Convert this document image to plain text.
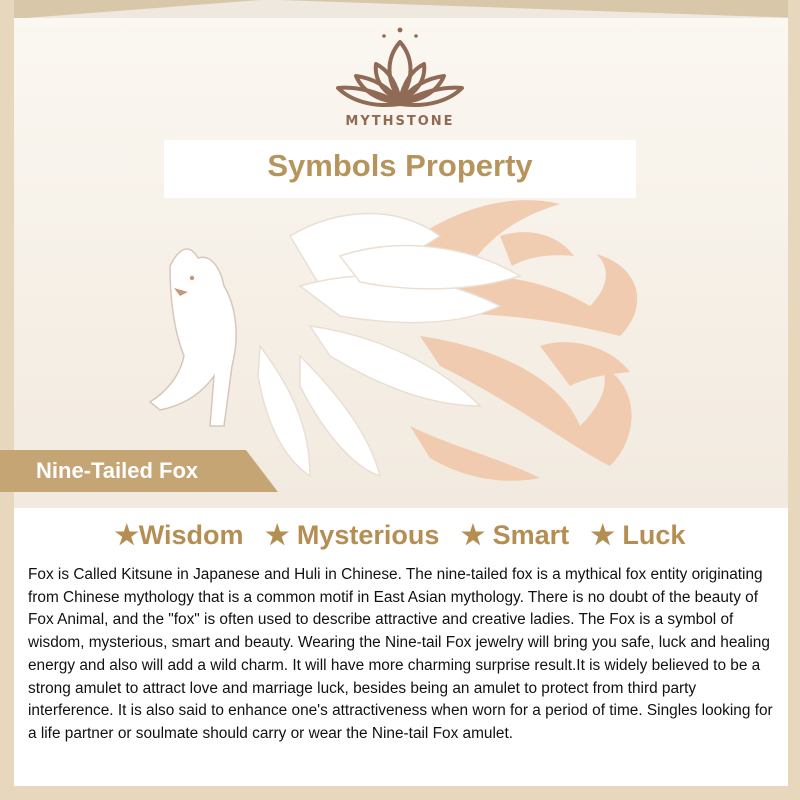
MYTHSTONE
Symbols Property
Nine-Tailed Fox
★Wisdom ★ Mysterious ★ Smart ★ Luck
Fox is Called Kitsune in Japanese and Huli in Chinese. The nine-tailed fox is a mythical fox entity originating from Chinese mythology that is a common motif in East Asian mythology. There is no doubt of the beauty of Fox Animal, and the "fox" is often used to describe attractive and creative ladies. The Fox is a symbol of wisdom, mysterious, smart and beauty. Wearing the Nine-tail Fox jewelry will bring you safe, luck and healing energy and also will add a wild charm. It will have more charming surprise result.It is widely believed to be a strong amulet to attract love and marriage luck, besides being an amulet to protect from third party interference. It is also said to enhance one's attractiveness when worn for a period of time. Singles looking for a life partner or soulmate should carry or wear the Nine-tail Fox amulet.
